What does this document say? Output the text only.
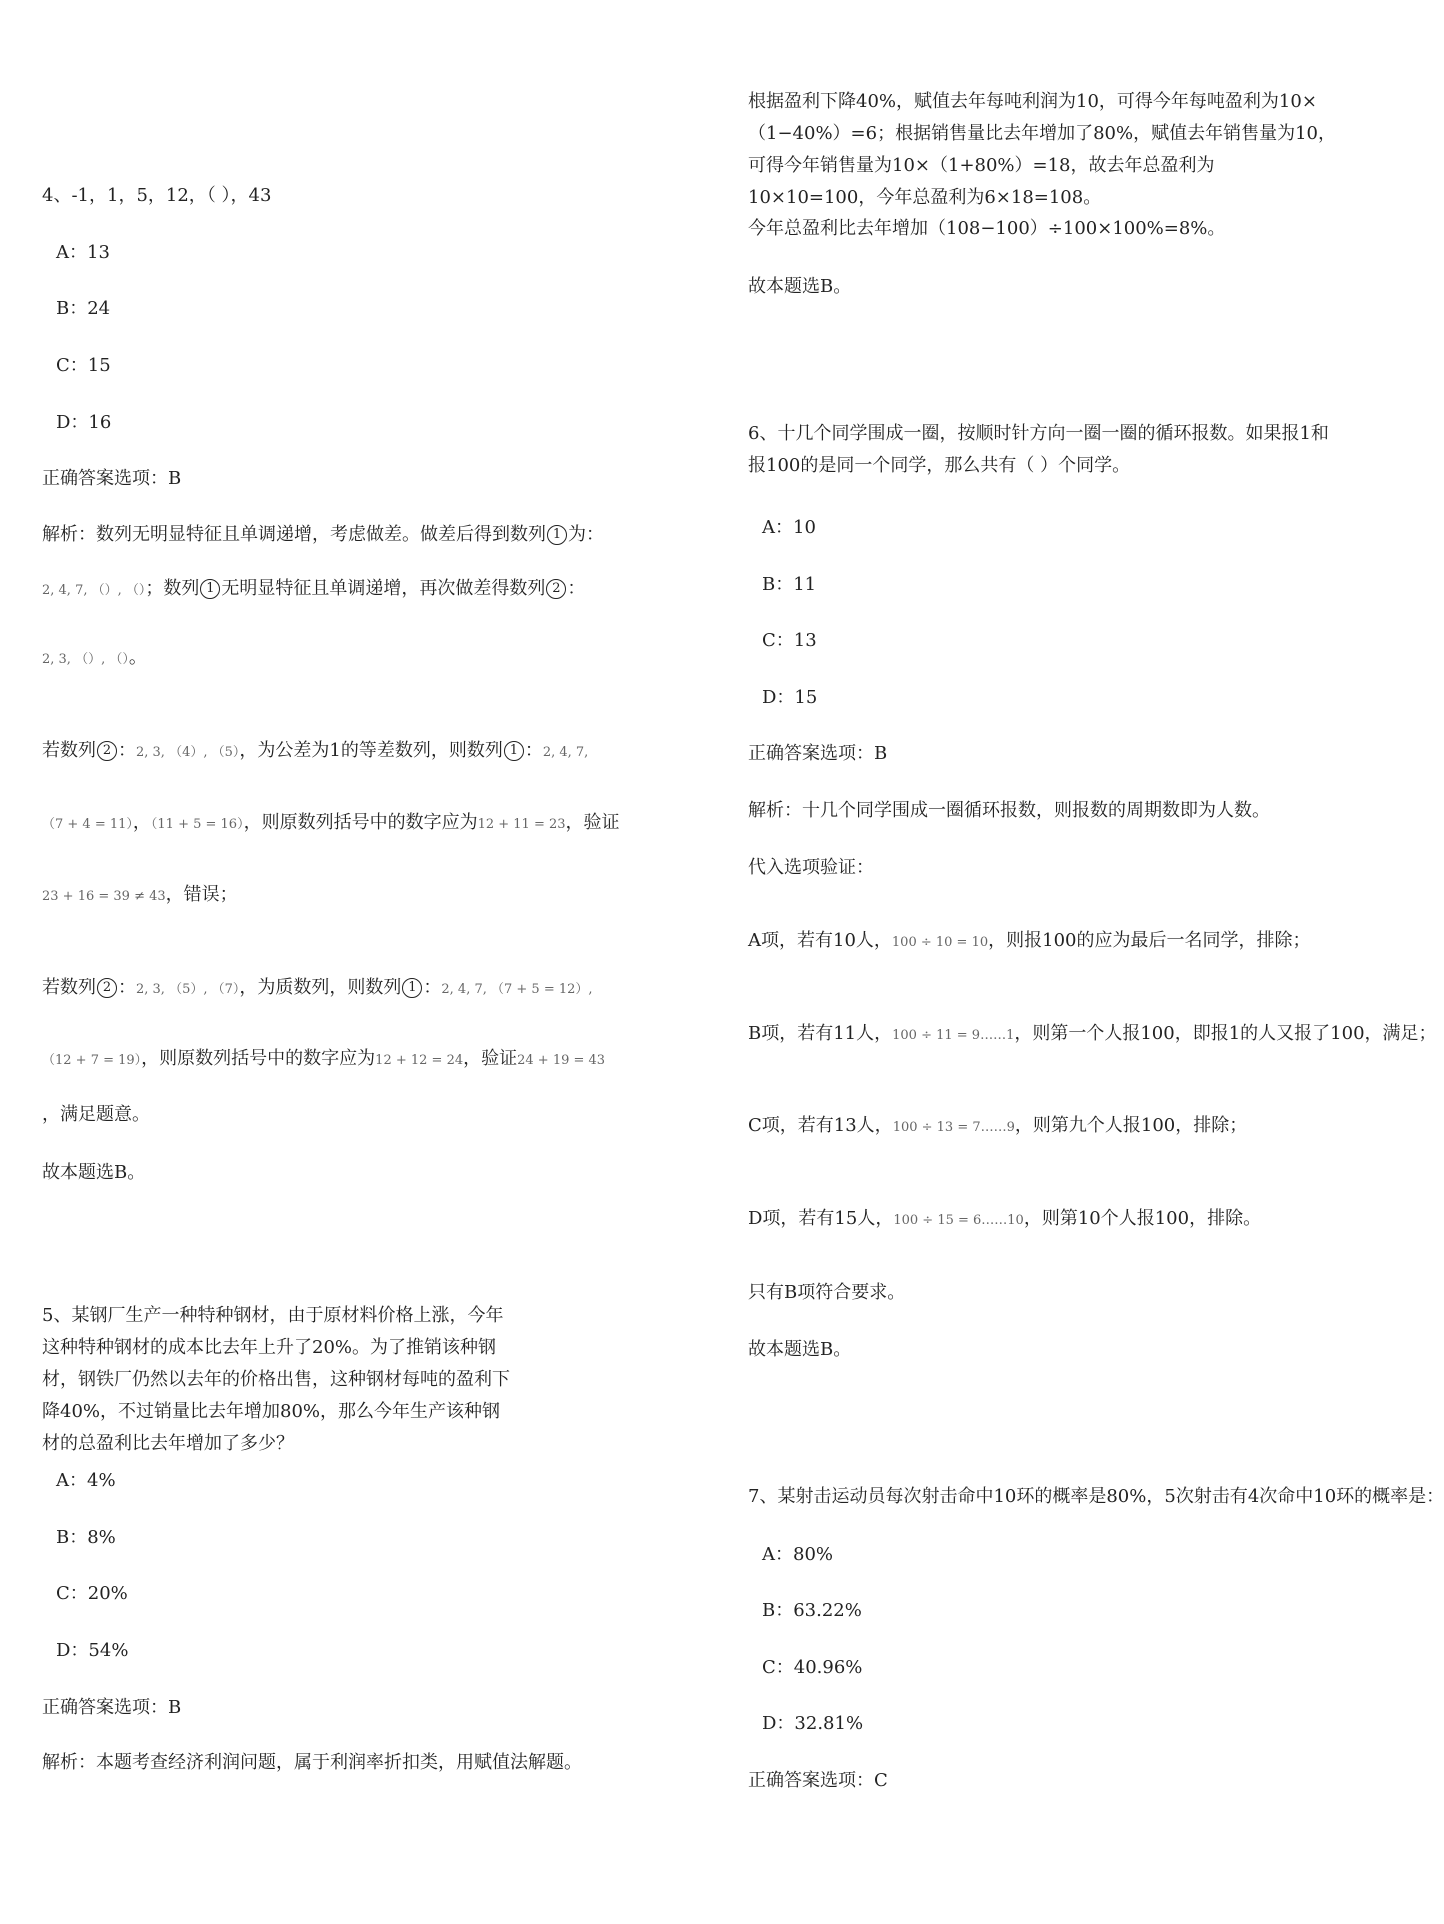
4、-1，1，5，12，（ ），43
A：13
B：24
C：15
D：16
正确答案选项：B
解析：数列无明显特征且单调递增，考虑做差。做差后得到数列 1 为：
2, 4, 7, （）, （）；数列 1 无明显特征且单调递增，再次做差得数列 2 ：
2, 3, （）, （）。
若数列 2 ：2, 3, （4）, （5），为公差为1的等差数列，则数列 1 ：2, 4, 7,
（7 + 4 = 11），（11 + 5 = 16），则原数列括号中的数字应为12 + 11 = 23，验证
23 + 16 = 39 ≠ 43，错误；
若数列 2 ：2, 3, （5）, （7），为质数列，则数列 1 ：2, 4, 7, （7 + 5 = 12）,
（12 + 7 = 19），则原数列括号中的数字应为12 + 12 = 24，验证24 + 19 = 43
，满足题意。
故本题选B。
5、某钢厂生产一种特种钢材，由于原材料价格上涨，今年这种特种钢材的成本比去年上升了20%。为了推销该种钢材，钢铁厂仍然以去年的价格出售，这种钢材每吨的盈利下降40%，不过销量比去年增加80%，那么今年生产该种钢材的总盈利比去年增加了多少？
A：4%
B：8%
C：20%
D：54%
正确答案选项：B
解析：本题考查经济利润问题，属于利润率折扣类，用赋值法解题。
根据盈利下降40%，赋值去年每吨利润为10，可得今年每吨盈利为10×（1−40%）=6；根据销售量比去年增加了80%，赋值去年销售量为10，可得今年销售量为10×（1+80%）=18，故去年总盈利为10×10=100，今年总盈利为6×18=108。
今年总盈利比去年增加（108−100）÷100×100%=8%。
故本题选B。
6、十几个同学围成一圈，按顺时针方向一圈一圈的循环报数。如果报1和报100的是同一个同学，那么共有（ ）个同学。
A：10
B：11
C：13
D：15
正确答案选项：B
解析：十几个同学围成一圈循环报数，则报数的周期数即为人数。
代入选项验证：
A项，若有10人，100 ÷ 10 = 10，则报100的应为最后一名同学，排除；
B项，若有11人，100 ÷ 11 = 9……1，则第一个人报100，即报1的人又报了100，满足；
C项，若有13人，100 ÷ 13 = 7……9，则第九个人报100，排除；
D项，若有15人，100 ÷ 15 = 6……10，则第10个人报100，排除。
只有B项符合要求。
故本题选B。
7、某射击运动员每次射击命中10环的概率是80%，5次射击有4次命中10环的概率是：
A：80%
B：63.22%
C：40.96%
D：32.81%
正确答案选项：C
